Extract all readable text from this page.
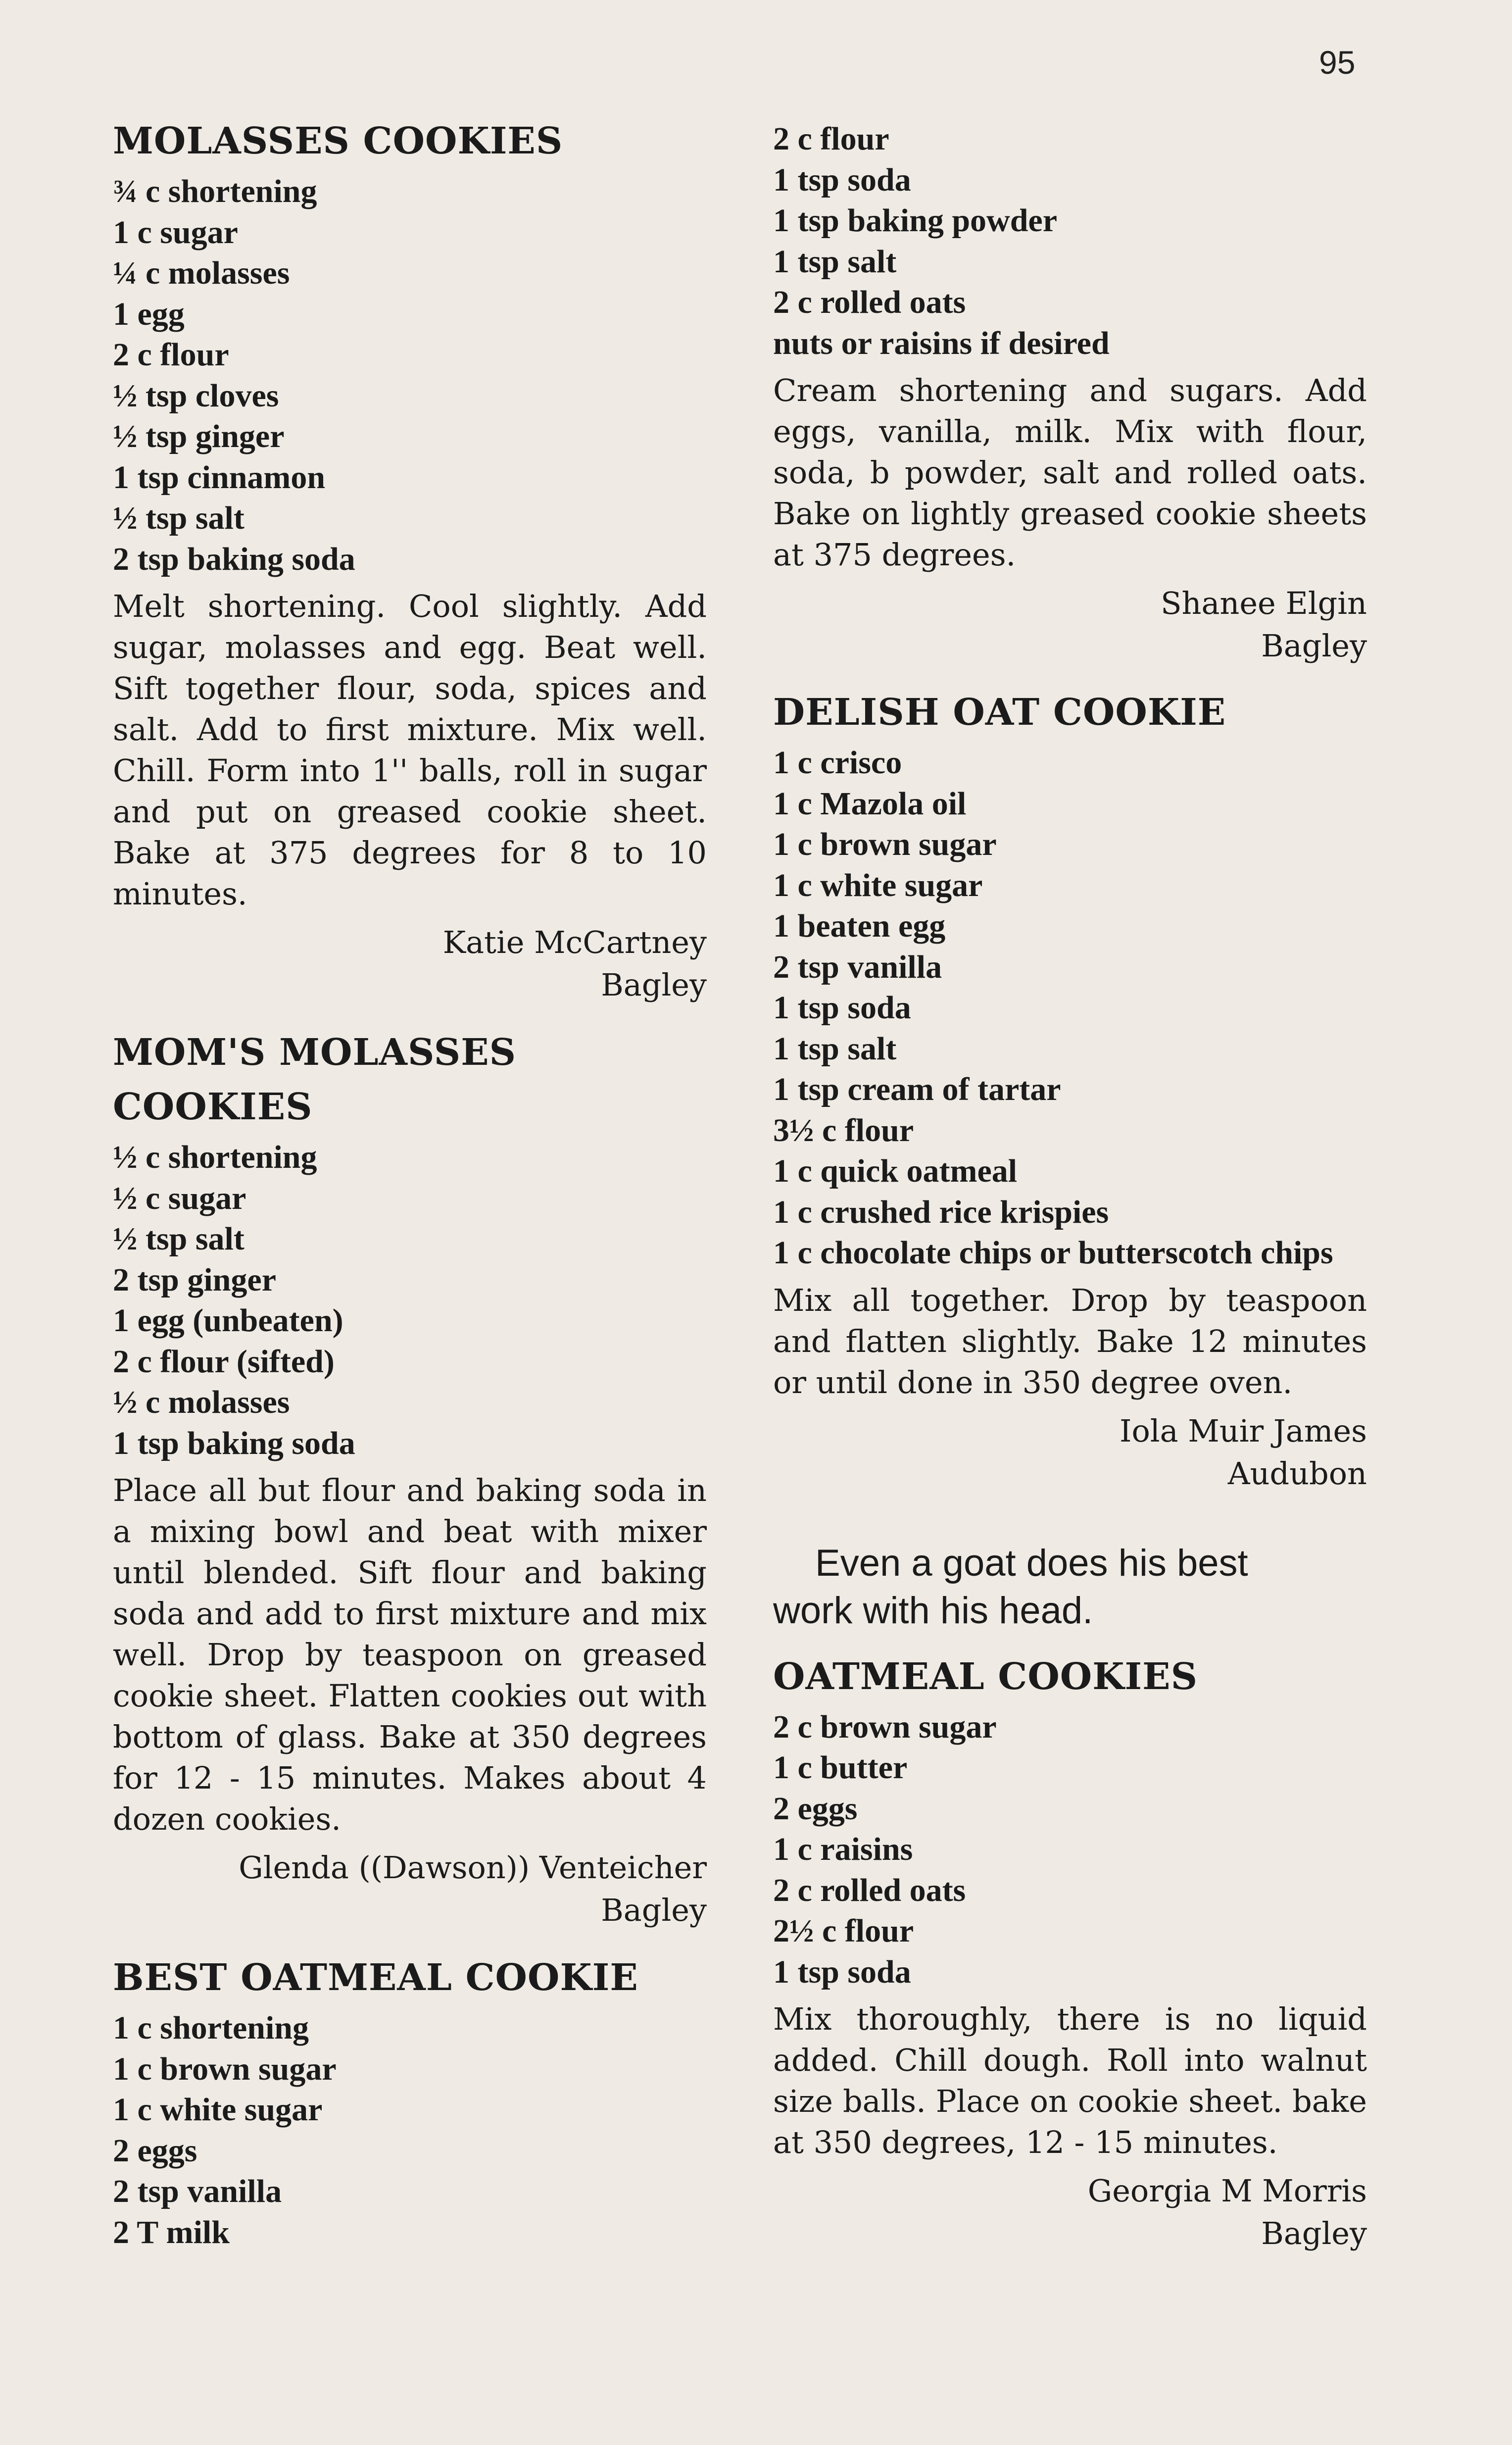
95
MOLASSES COOKIES
¾ c shortening
1 c sugar
¼ c molasses
1 egg
2 c flour
½ tsp cloves
½ tsp ginger
1 tsp cinnamon
½ tsp salt
2 tsp baking soda

Melt shortening. Cool slightly. Add sugar, molasses and egg. Beat well. Sift together flour, soda, spices and salt. Add to first mixture. Mix well. Chill. Form into 1'' balls, roll in sugar and put on greased cookie sheet. Bake at 375 degrees for 8 to 10 minutes.

Katie McCartney
Bagley
MOM'S MOLASSES COOKIES
½ c shortening
½ c sugar
½ tsp salt
2 tsp ginger
1 egg (unbeaten)
2 c flour (sifted)
½ c molasses
1 tsp baking soda

Place all but flour and baking soda in a mixing bowl and beat with mixer until blended. Sift flour and baking soda and add to first mixture and mix well. Drop by teaspoon on greased cookie sheet. Flatten cookies out with bottom of glass. Bake at 350 degrees for 12 - 15 minutes. Makes about 4 dozen cookies.

Glenda ((Dawson)) Venteicher
Bagley
BEST OATMEAL COOKIE
1 c shortening
1 c brown sugar
1 c white sugar
2 eggs
2 tsp vanilla
2 T milk
2 c flour
1 tsp soda
1 tsp baking powder
1 tsp salt
2 c rolled oats
nuts or raisins if desired

Cream shortening and sugars. Add eggs, vanilla, milk. Mix with flour, soda, b powder, salt and rolled oats. Bake on lightly greased cookie sheets at 375 degrees.

Shanee Elgin
Bagley
DELISH OAT COOKIE
1 c crisco
1 c Mazola oil
1 c brown sugar
1 c white sugar
1 beaten egg
2 tsp vanilla
1 tsp soda
1 tsp salt
1 tsp cream of tartar
3½ c flour
1 c quick oatmeal
1 c crushed rice krispies
1 c chocolate chips or butterscotch chips

Mix all together. Drop by teaspoon and flatten slightly. Bake 12 minutes or until done in 350 degree oven.

Iola Muir James
Audubon
Even a goat does his best
work with his head.
OATMEAL COOKIES
2 c brown sugar
1 c butter
2 eggs
1 c raisins
2 c rolled oats
2½ c flour
1 tsp soda

Mix thoroughly, there is no liquid added. Chill dough. Roll into walnut size balls. Place on cookie sheet. bake at 350 degrees, 12 - 15 minutes.

Georgia M Morris
Bagley
